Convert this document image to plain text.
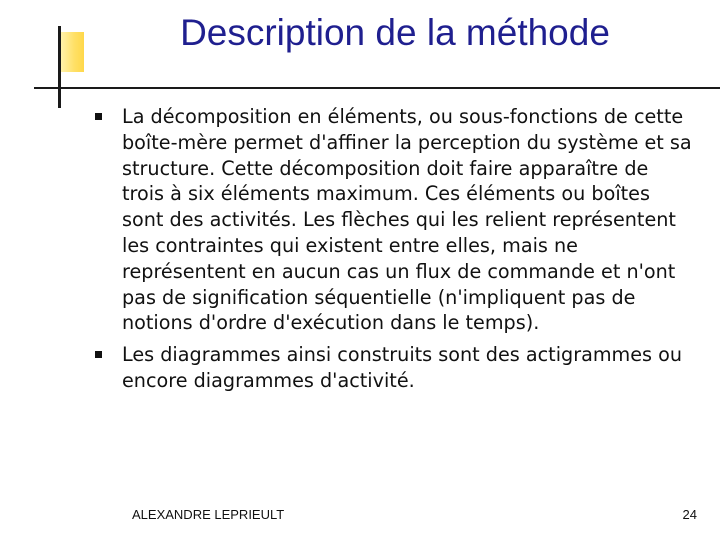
Description de la méthode
La décomposition en éléments, ou sous-fonctions de cette boîte-mère permet d'affiner la perception du système et sa structure. Cette décomposition doit faire apparaître de trois à six éléments maximum. Ces éléments ou boîtes sont des activités. Les flèches qui les relient représentent les contraintes qui existent entre elles, mais ne représentent en aucun cas un flux de commande et n'ont pas de signification séquentielle (n'impliquent pas de notions d'ordre d'exécution dans le temps).
Les diagrammes ainsi construits sont des actigrammes ou encore diagrammes d'activité.
ALEXANDRE LEPRIEULT	24
